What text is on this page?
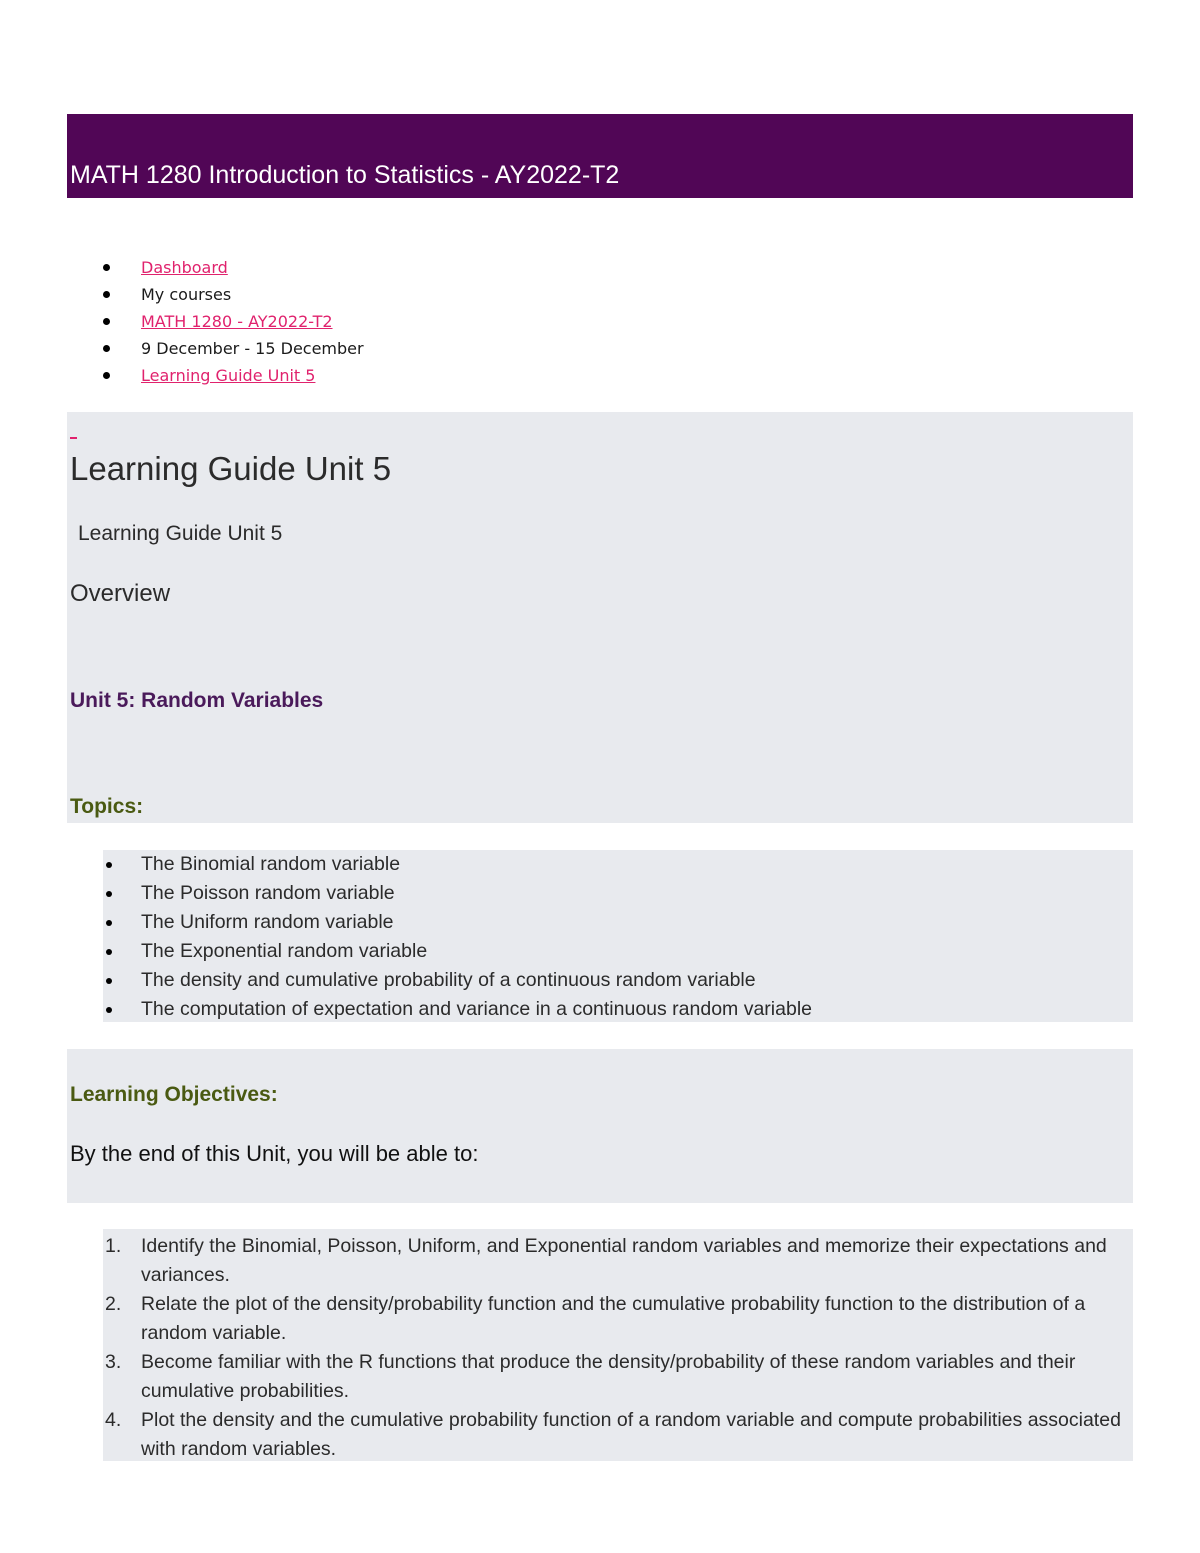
MATH 1280 Introduction to Statistics - AY2022-T2
Dashboard
My courses
MATH 1280 - AY2022-T2
9 December - 15 December
Learning Guide Unit 5
Learning Guide Unit 5

Learning Guide Unit 5

Overview
Unit 5: Random Variables
Topics:
The Binomial random variable
The Poisson random variable
The Uniform random variable
The Exponential random variable
The density and cumulative probability of a continuous random variable
The computation of expectation and variance in a continuous random variable
Learning Objectives:

By the end of this Unit, you will be able to:

1. Identify the Binomial, Poisson, Uniform, and Exponential random variables and memorize their expectations and variances.
2. Relate the plot of the density/probability function and the cumulative probability function to the distribution of a random variable.
3. Become familiar with the R functions that produce the density/probability of these random variables and their cumulative probabilities.
4. Plot the density and the cumulative probability function of a random variable and compute probabilities associated with random variables.
